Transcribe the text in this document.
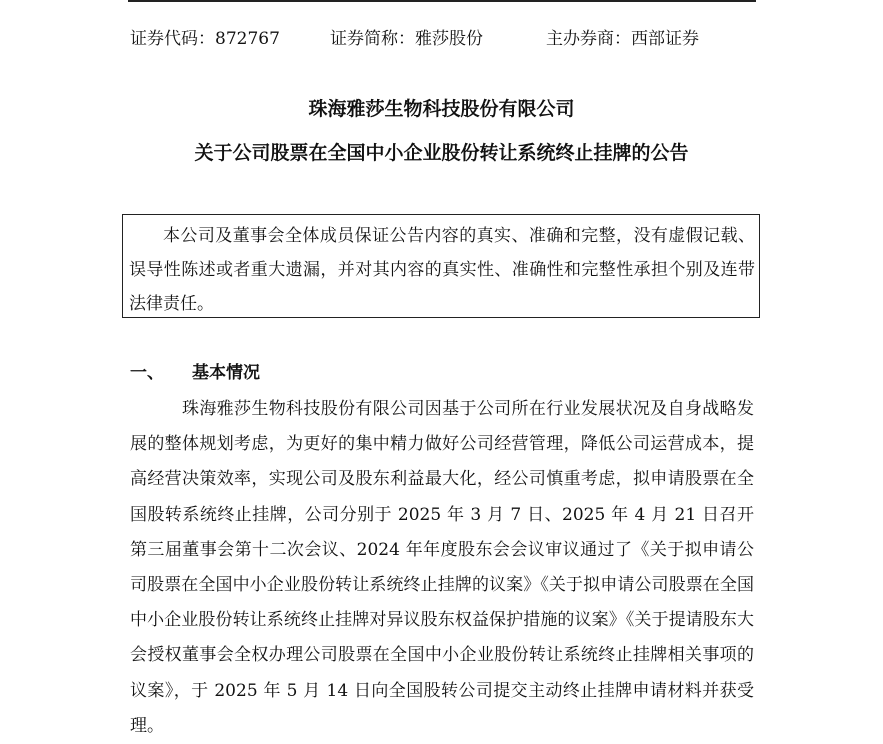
证券代码：872767	证券简称：雅莎股份	主办券商：西部证券
珠海雅莎生物科技股份有限公司
关于公司股票在全国中小企业股份转让系统终止挂牌的公告

本公司及董事会全体成员保证公告内容的真实、准确和完整，没有虚假记载、误导性陈述或者重大遗漏，并对其内容的真实性、准确性和完整性承担个别及连带法律责任。

一、 基本情况

珠海雅莎生物科技股份有限公司因基于公司所在行业发展状况及自身战略发展的整体规划考虑，为更好的集中精力做好公司经营管理，降低公司运营成本，提高经营决策效率，实现公司及股东利益最大化，经公司慎重考虑，拟申请股票在全国股转系统终止挂牌，公司分别于 2025 年 3 月 7 日、2025 年 4 月 21 日召开第三届董事会第十二次会议、2024 年年度股东会会议审议通过了《关于拟申请公司股票在全国中小企业股份转让系统终止挂牌的议案》《关于拟申请公司股票在全国中小企业股份转让系统终止挂牌对异议股东权益保护措施的议案》《关于提请股东大会授权董事会全权办理公司股票在全国中小企业股份转让系统终止挂牌相关事项的议案》，于 2025 年 5 月 14 日向全国股转公司提交主动终止挂牌申请材料并获受理。
